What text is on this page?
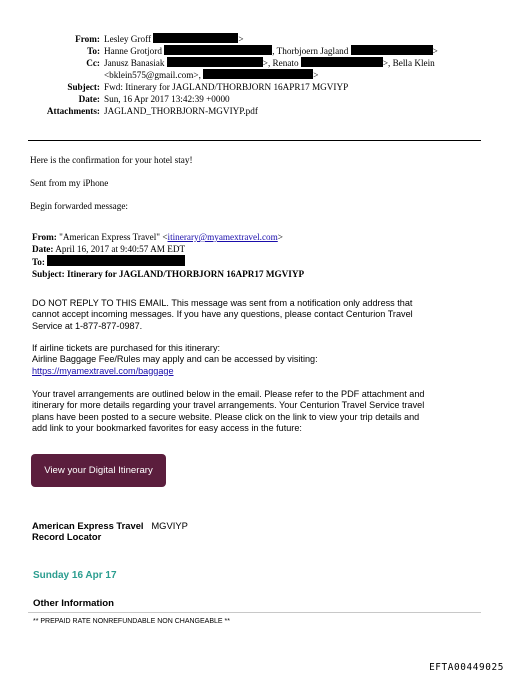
From: Lesley Groff	>
To: Hanne Grotjord	, Thorbjoern Jagland	>
Cc: Janusz Banasiak	>, Renato	>, Bella Klein
<bklein575@gmail.com>,	>
Subject: Fwd: Itinerary for JAGLAND/THORBJORN 16APR17 MGVIYP
Date: Sun, 16 Apr 2017 13:42:39 +0000
Attachments: JAGLAND_THORBJORN-MGVIYP.pdf
Here is the confirmation for your hotel stay!
Sent from my iPhone
Begin forwarded message:
From: "American Express Travel" <itinerary@myamextravel.com>
Date: April 16, 2017 at 9:40:57 AM EDT
To:
Subject: Itinerary for JAGLAND/THORBJORN 16APR17 MGVIYP
DO NOT REPLY TO THIS EMAIL. This message was sent from a notification only address that
cannot accept incoming messages. If you have any questions, please contact Centurion Travel
Service at 1-877-877-0987.
If airline tickets are purchased for this itinerary:
Airline Baggage Fee/Rules may apply and can be accessed by visiting:
https://myamextravel.com/baggage
Your travel arrangements are outlined below in the email. Please refer to the PDF attachment and
itinerary for more details regarding your travel arrangements. Your Centurion Travel Service travel
plans have been posted to a secure website. Please click on the link to view your trip details and
add link to your bookmarked favorites for easy access in the future:
View your Digital Itinerary
American Express Travel MGVIYP
Record Locator
Sunday 16 Apr 17
Other Information
** PREPAID RATE NONREFUNDABLE NON CHANGEABLE **
EFTA00449025
